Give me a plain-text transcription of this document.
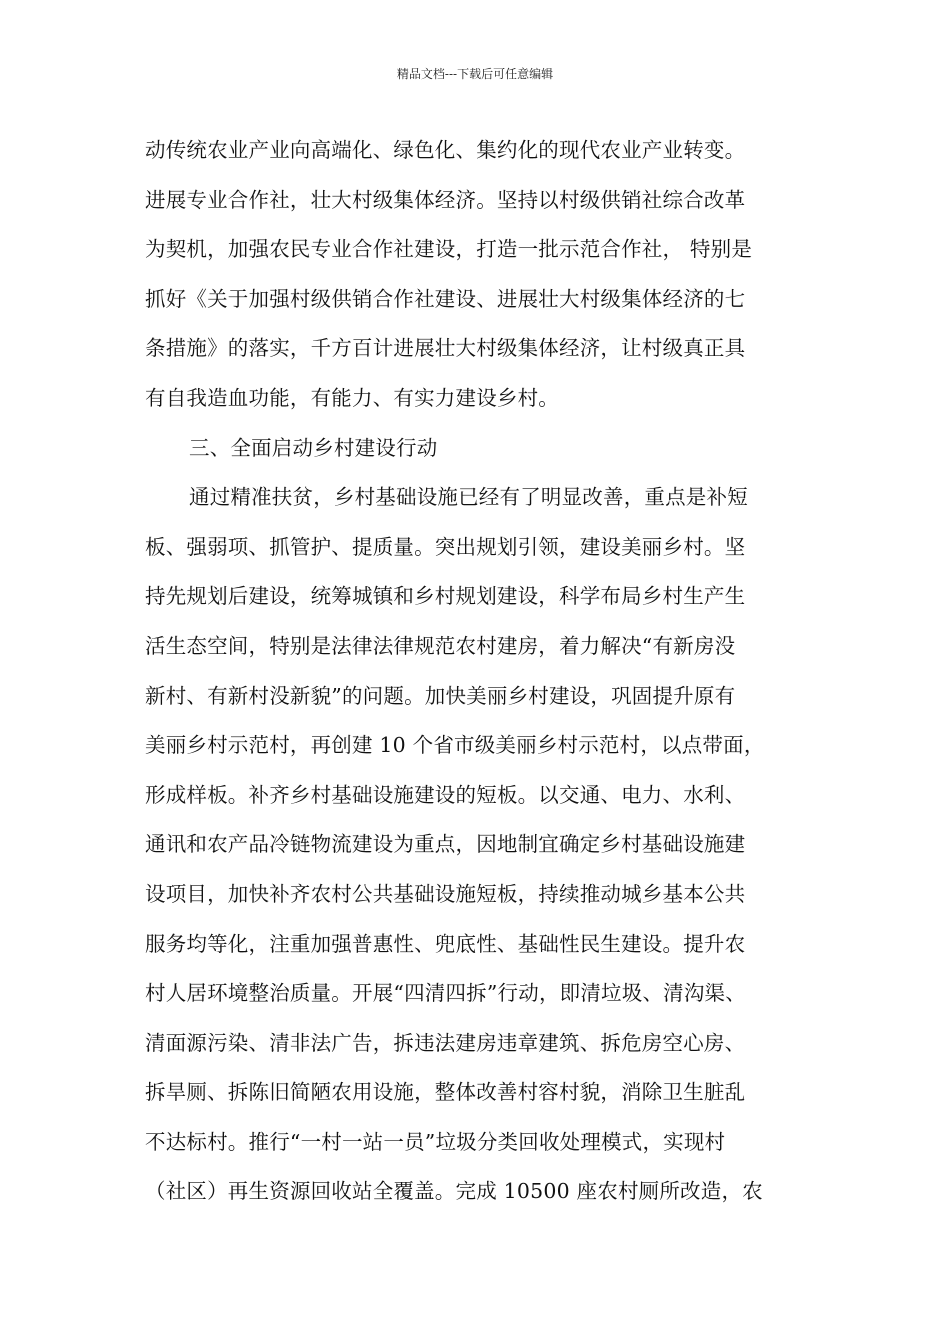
精品文档---下载后可任意编辑
动传统农业产业向高端化、绿色化、集约化的现代农业产业转变。
进展专业合作社，壮大村级集体经济。坚持以村级供销社综合改革
为契机，加强农民专业合作社建设，打造一批示范合作社， 特别是
抓好《关于加强村级供销合作社建设、进展壮大村级集体经济的七
条措施》的落实，千方百计进展壮大村级集体经济，让村级真正具
有自我造血功能，有能力、有实力建设乡村。
三、全面启动乡村建设行动
通过精准扶贫，乡村基础设施已经有了明显改善，重点是补短
板、强弱项、抓管护、提质量。突出规划引领，建设美丽乡村。坚
持先规划后建设，统筹城镇和乡村规划建设，科学布局乡村生产生
活生态空间，特别是法律法律规范农村建房，着力解决“有新房没
新村、有新村没新貌”的问题。加快美丽乡村建设，巩固提升原有
美丽乡村示范村，再创建 10 个省市级美丽乡村示范村，以点带面，
形成样板。补齐乡村基础设施建设的短板。以交通、电力、水利、
通讯和农产品冷链物流建设为重点，因地制宜确定乡村基础设施建
设项目，加快补齐农村公共基础设施短板，持续推动城乡基本公共
服务均等化，注重加强普惠性、兜底性、基础性民生建设。提升农
村人居环境整治质量。开展“四清四拆”行动，即清垃圾、清沟渠、
清面源污染、清非法广告，拆违法建房违章建筑、拆危房空心房、
拆旱厕、拆陈旧简陋农用设施，整体改善村容村貌，消除卫生脏乱
不达标村。推行“一村一站一员”垃圾分类回收处理模式，实现村
（社区）再生资源回收站全覆盖。完成 10500 座农村厕所改造，农
